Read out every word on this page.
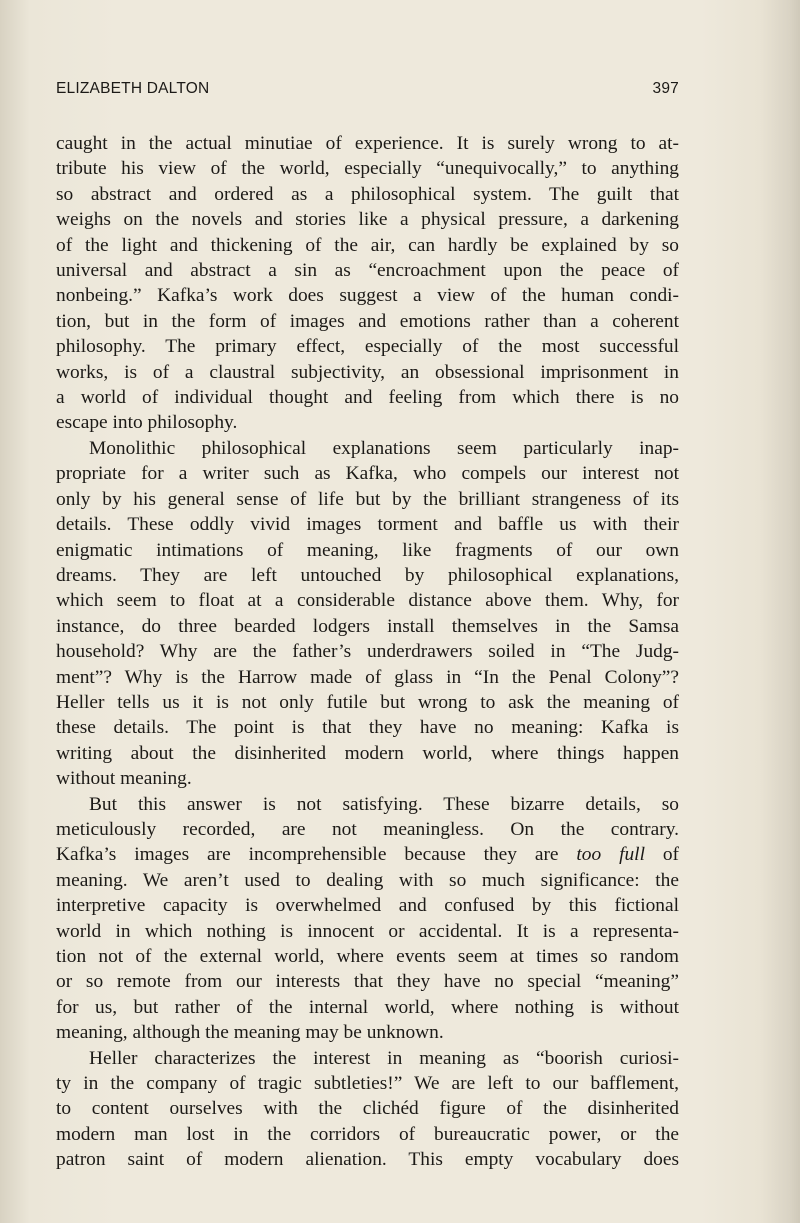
ELIZABETH DALTON	397

caught in the actual minutiae of experience. It is surely wrong to at-
tribute his view of the world, especially “unequivocally,” to anything
so abstract and ordered as a philosophical system. The guilt that
weighs on the novels and stories like a physical pressure, a darkening
of the light and thickening of the air, can hardly be explained by so
universal and abstract a sin as “encroachment upon the peace of
nonbeing.” Kafka’s work does suggest a view of the human condi-
tion, but in the form of images and emotions rather than a coherent
philosophy. The primary effect, especially of the most successful
works, is of a claustral subjectivity, an obsessional imprisonment in
a world of individual thought and feeling from which there is no
escape into philosophy.

Monolithic philosophical explanations seem particularly inap-
propriate for a writer such as Kafka, who compels our interest not
only by his general sense of life but by the brilliant strangeness of its
details. These oddly vivid images torment and baffle us with their
enigmatic intimations of meaning, like fragments of our own
dreams. They are left untouched by philosophical explanations,
which seem to float at a considerable distance above them. Why, for
instance, do three bearded lodgers install themselves in the Samsa
household? Why are the father’s underdrawers soiled in “The Judg-
ment”? Why is the Harrow made of glass in “In the Penal Colony”?
Heller tells us it is not only futile but wrong to ask the meaning of
these details. The point is that they have no meaning: Kafka is
writing about the disinherited modern world, where things happen
without meaning.

But this answer is not satisfying. These bizarre details, so
meticulously recorded, are not meaningless. On the contrary.
Kafka’s images are incomprehensible because they are too full of
meaning. We aren’t used to dealing with so much significance: the
interpretive capacity is overwhelmed and confused by this fictional
world in which nothing is innocent or accidental. It is a representa-
tion not of the external world, where events seem at times so random
or so remote from our interests that they have no special “meaning”
for us, but rather of the internal world, where nothing is without
meaning, although the meaning may be unknown.

Heller characterizes the interest in meaning as “boorish curiosi-
ty in the company of tragic subtleties!” We are left to our bafflement,
to content ourselves with the clichéd figure of the disinherited
modern man lost in the corridors of bureaucratic power, or the
patron saint of modern alienation. This empty vocabulary does
